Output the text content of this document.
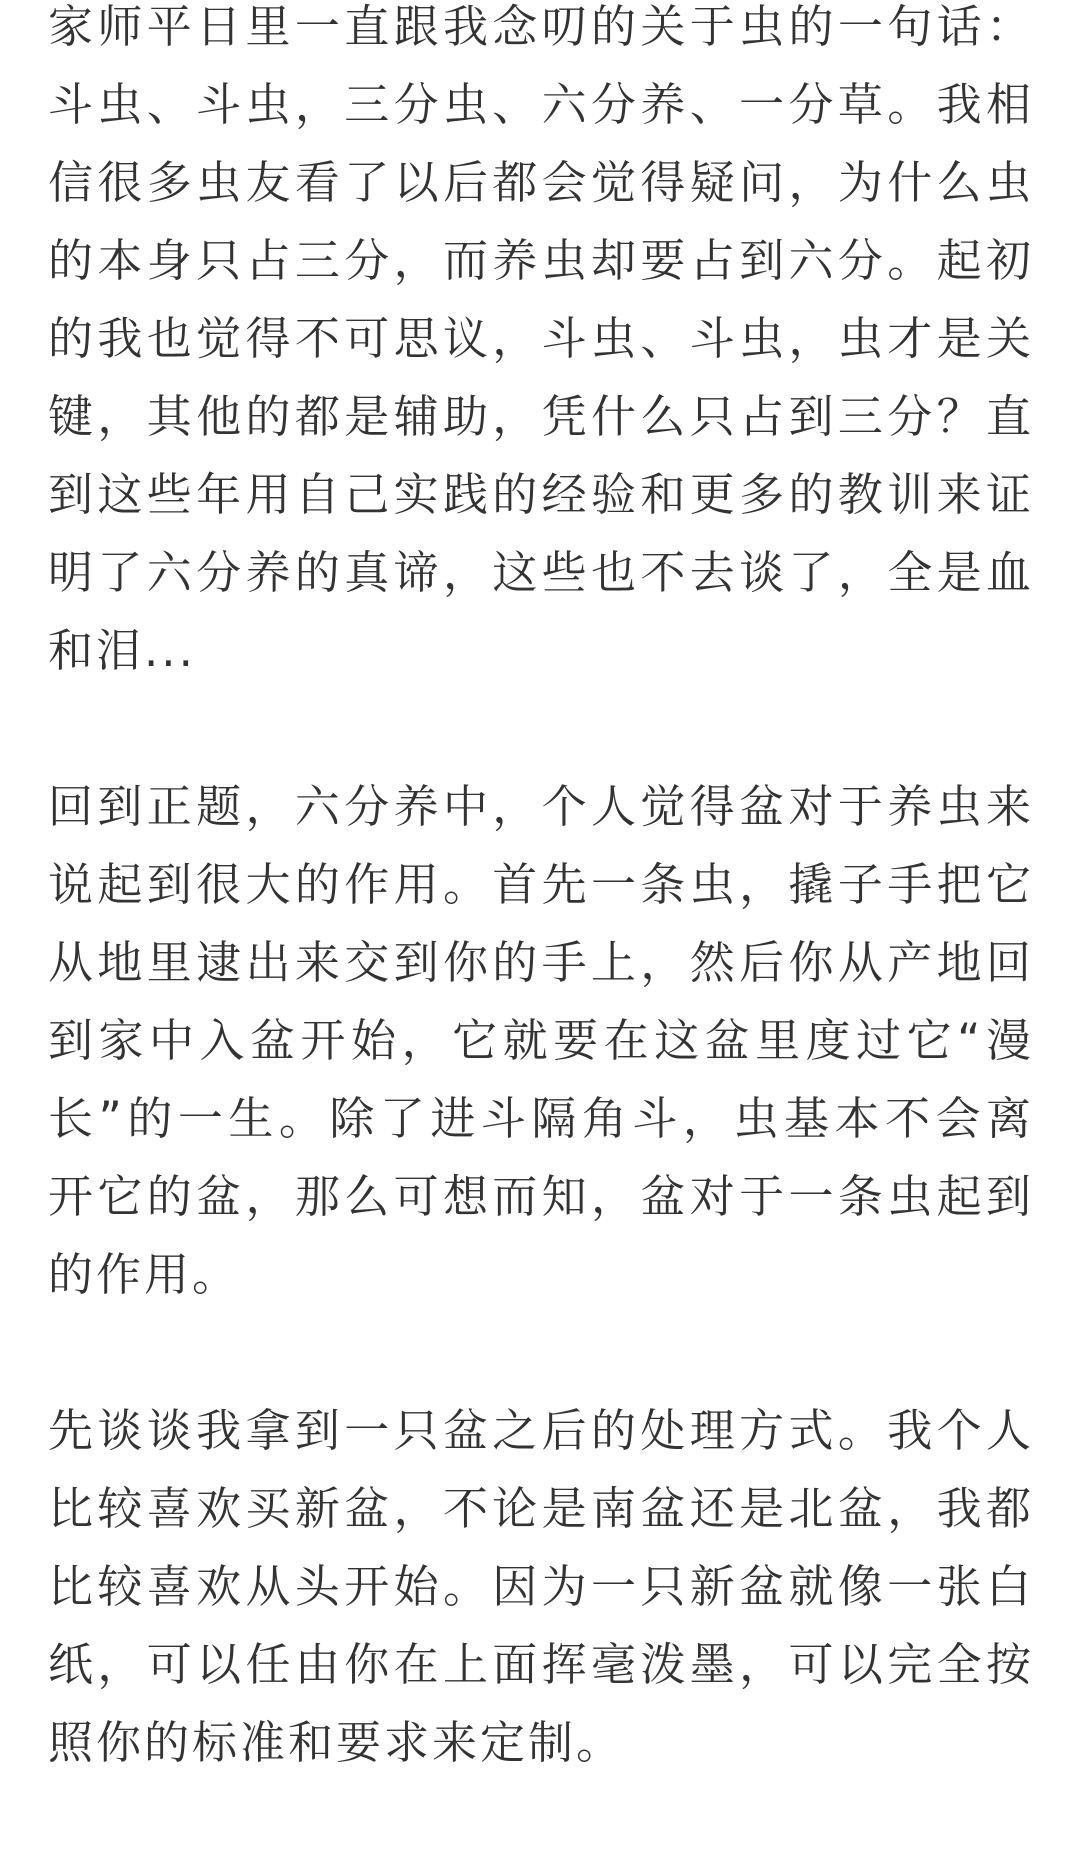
家师平日里一直跟我念叨的关于虫的一句话：斗虫、斗虫，三分虫、六分养、一分草。我相信很多虫友看了以后都会觉得疑问，为什么虫的本身只占三分，而养虫却要占到六分。起初的我也觉得不可思议，斗虫、斗虫，虫才是关键，其他的都是辅助，凭什么只占到三分？直到这些年用自己实践的经验和更多的教训来证明了六分养的真谛，这些也不去谈了，全是血和泪...

回到正题，六分养中，个人觉得盆对于养虫来说起到很大的作用。首先一条虫，撬子手把它从地里逮出来交到你的手上，然后你从产地回到家中入盆开始，它就要在这盆里度过它“漫长”的一生。除了进斗隔角斗，虫基本不会离开它的盆，那么可想而知，盆对于一条虫起到的作用。

先谈谈我拿到一只盆之后的处理方式。我个人比较喜欢买新盆，不论是南盆还是北盆，我都比较喜欢从头开始。因为一只新盆就像一张白纸，可以任由你在上面挥毫泼墨，可以完全按照你的标准和要求来定制。
